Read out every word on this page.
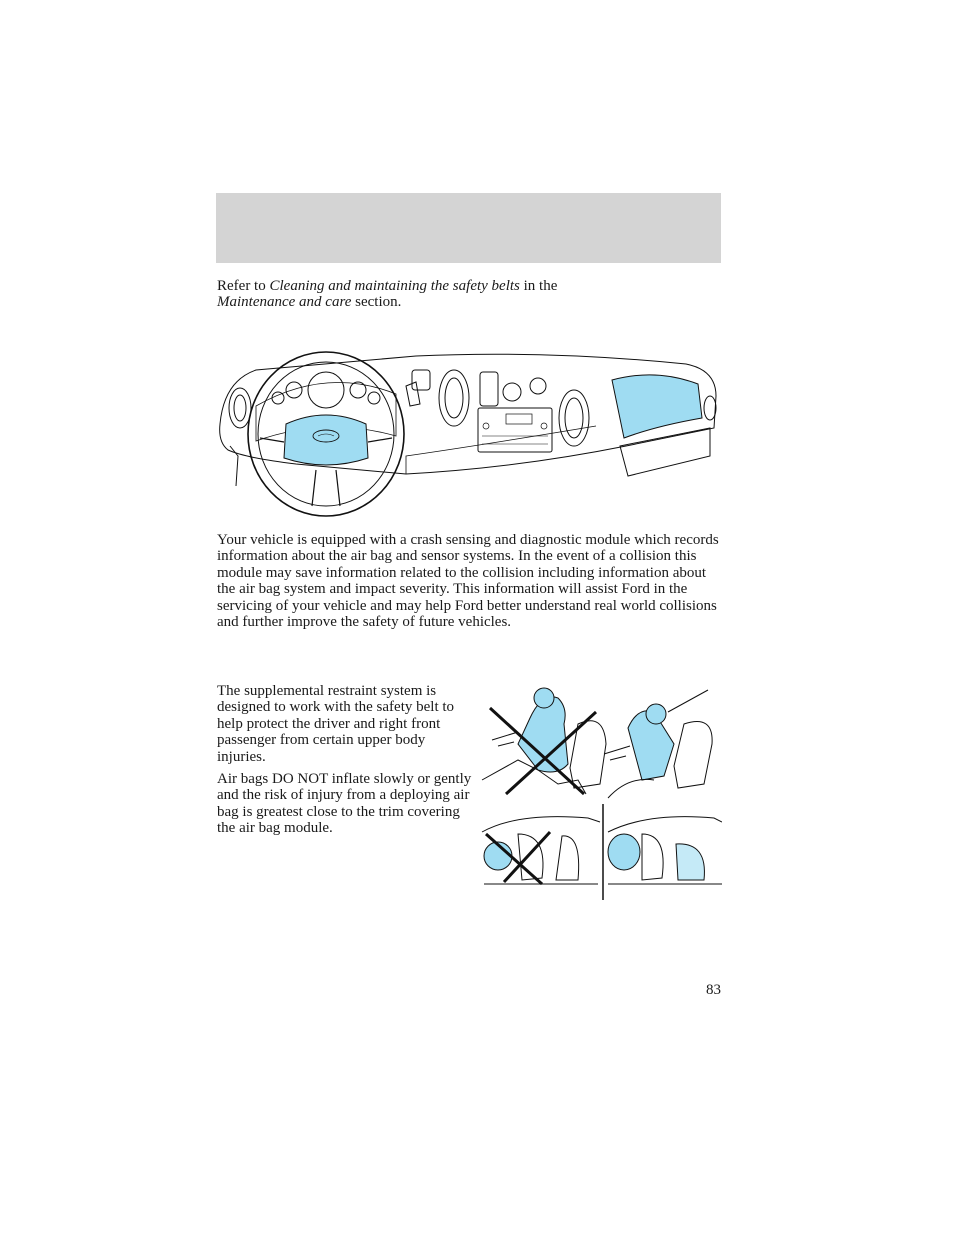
Refer to Cleaning and maintaining the safety belts in the
Maintenance and care section.

Your vehicle is equipped with a crash sensing and diagnostic module which records information about the air bag and sensor systems. In the event of a collision this module may save information related to the collision including information about the air bag system and impact severity. This information will assist Ford in the servicing of your vehicle and may help Ford better understand real world collisions and further improve the safety of future vehicles.

The supplemental restraint system is designed to work with the safety belt to help protect the driver and right front passenger from certain upper body injuries.

Air bags DO NOT inflate slowly or gently and the risk of injury from a deploying air bag is greatest close to the trim covering the air bag module.

83
